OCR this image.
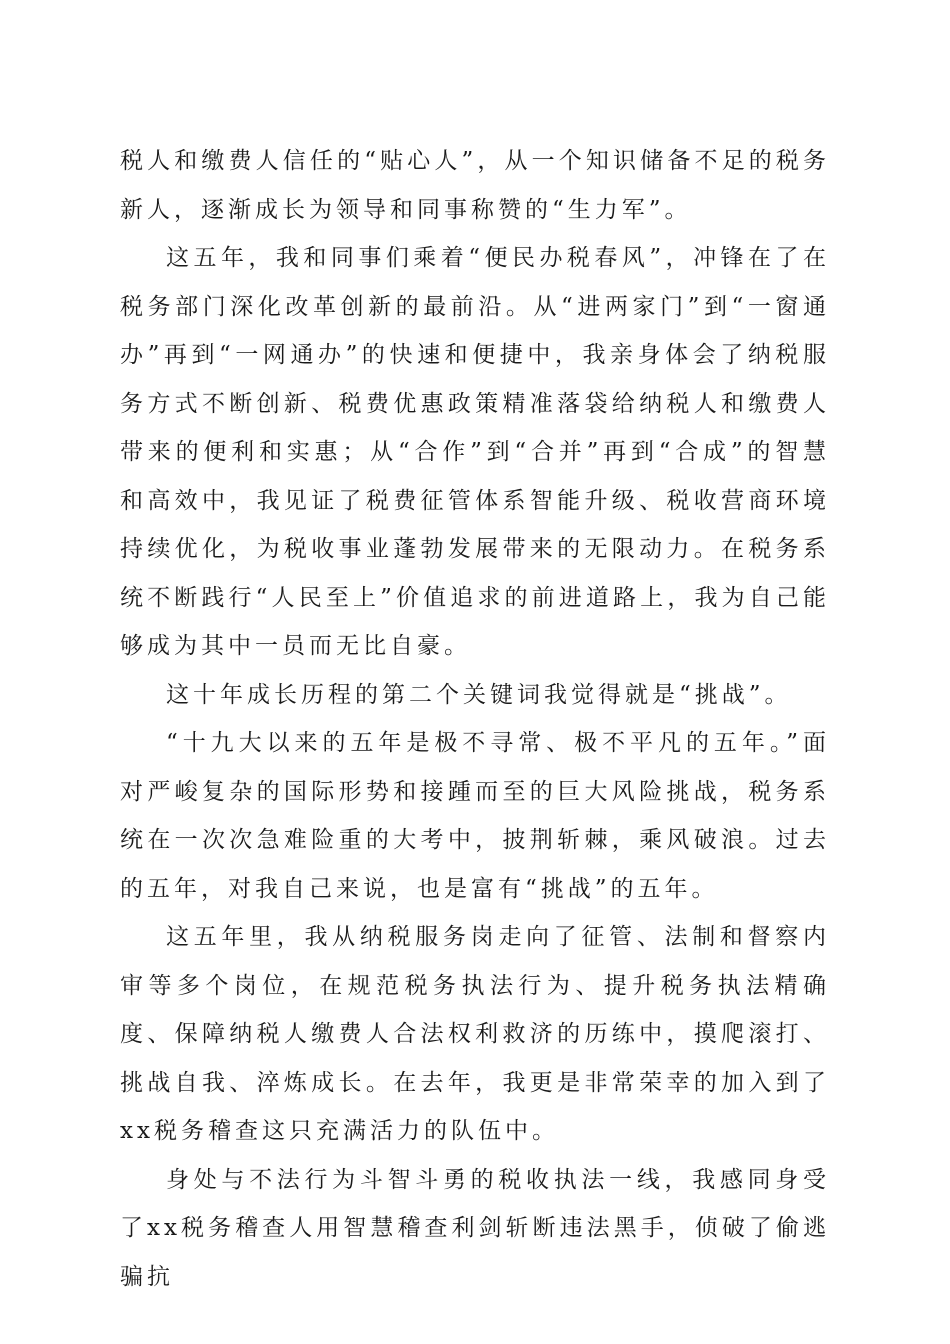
税人和缴费人信任的“贴心人”，从一个知识储备不足的税务新人，逐渐成长为领导和同事称赞的“生力军”。

这五年，我和同事们乘着“便民办税春风”，冲锋在了在税务部门深化改革创新的最前沿。从“进两家门”到“一窗通办”再到“一网通办”的快速和便捷中，我亲身体会了纳税服务方式不断创新、税费优惠政策精准落袋给纳税人和缴费人带来的便利和实惠；从“合作”到“合并”再到“合成”的智慧和高效中，我见证了税费征管体系智能升级、税收营商环境持续优化，为税收事业蓬勃发展带来的无限动力。在税务系统不断践行“人民至上”价值追求的前进道路上，我为自己能够成为其中一员而无比自豪。

这十年成长历程的第二个关键词我觉得就是“挑战”。

“十九大以来的五年是极不寻常、极不平凡的五年。”面对严峻复杂的国际形势和接踵而至的巨大风险挑战，税务系统在一次次急难险重的大考中，披荆斩棘，乘风破浪。过去的五年，对我自己来说，也是富有“挑战”的五年。

这五年里，我从纳税服务岗走向了征管、法制和督察内审等多个岗位，在规范税务执法行为、提升税务执法精确度、保障纳税人缴费人合法权利救济的历练中，摸爬滚打、挑战自我、淬炼成长。在去年，我更是非常荣幸的加入到了xx税务稽查这只充满活力的队伍中。

身处与不法行为斗智斗勇的税收执法一线，我感同身受了xx税务稽查人用智慧稽查利剑斩断违法黑手，侦破了偷逃骗抗
